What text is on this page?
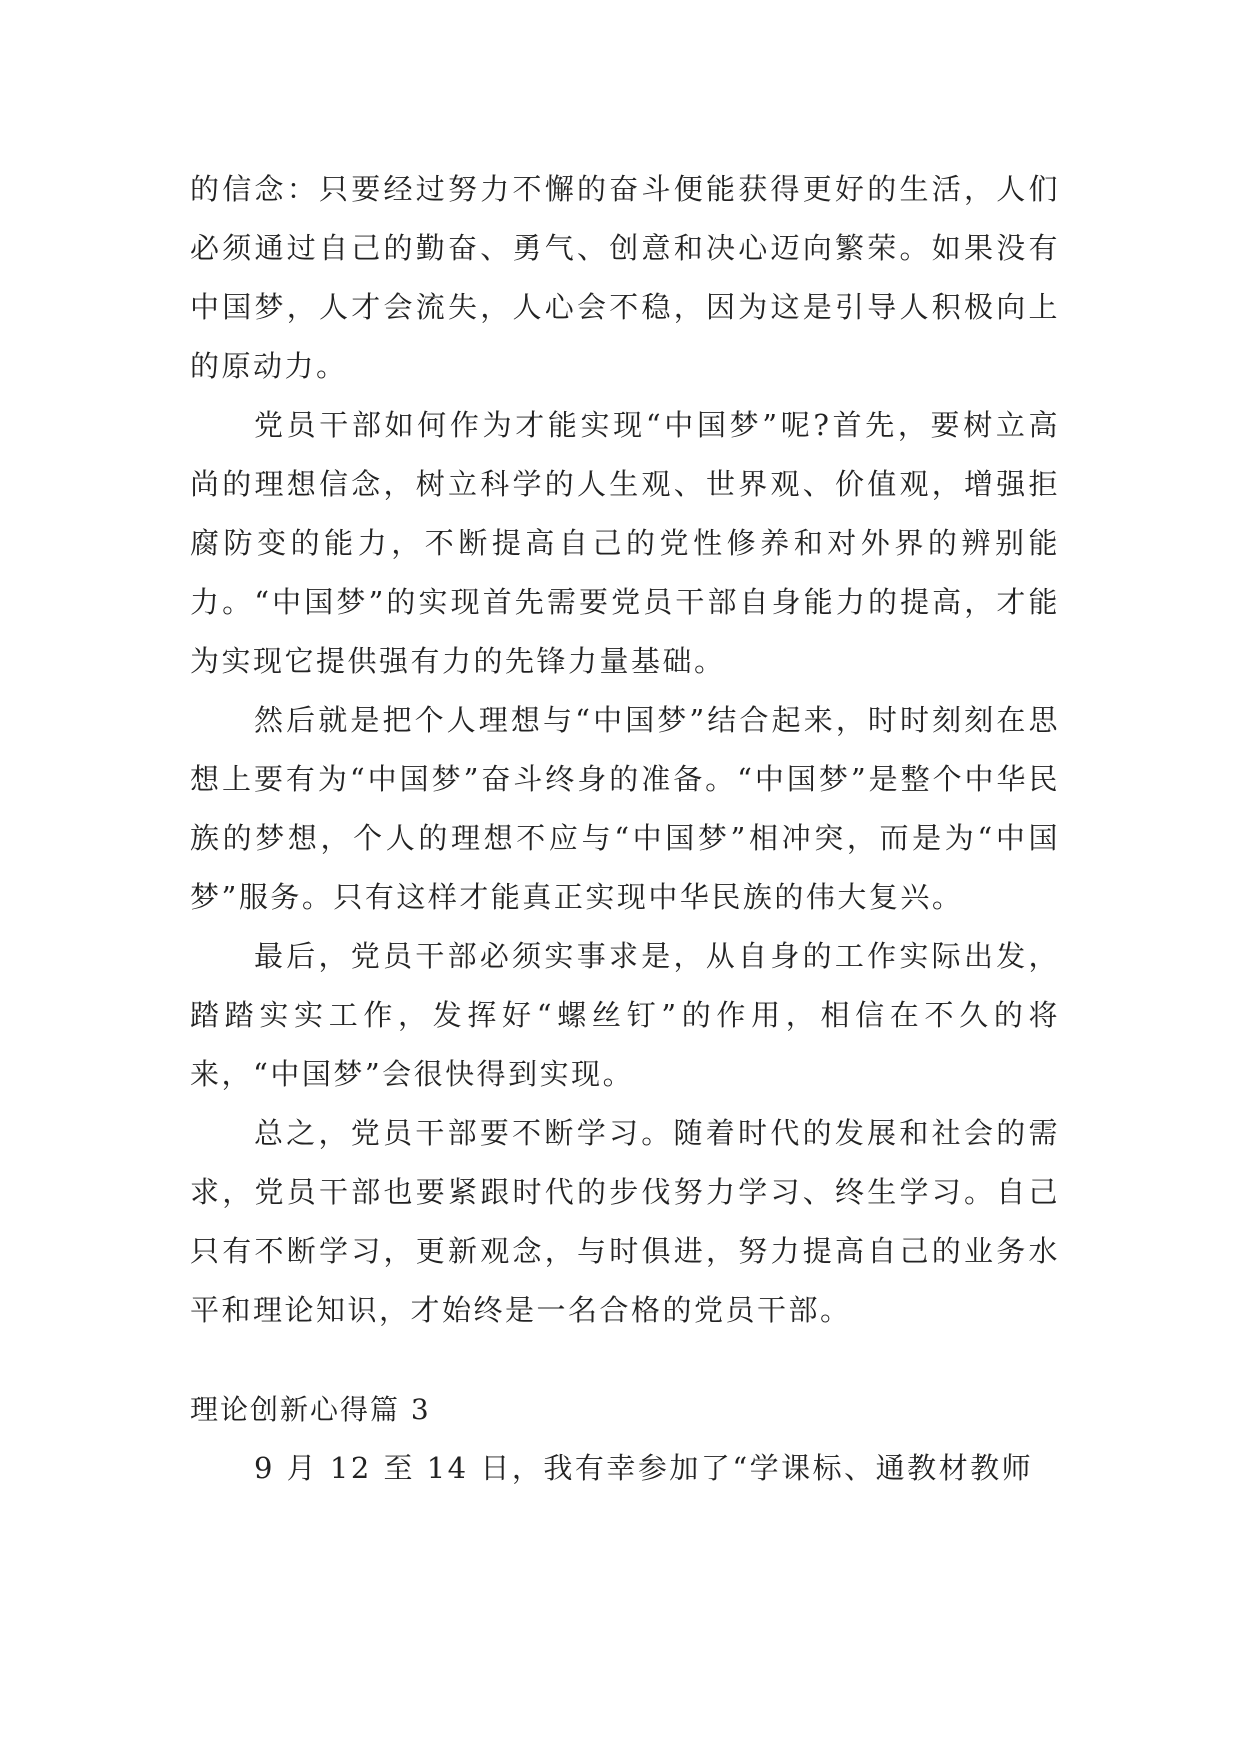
的信念：只要经过努力不懈的奋斗便能获得更好的生活，人们必须通过自己的勤奋、勇气、创意和决心迈向繁荣。如果没有中国梦，人才会流失，人心会不稳，因为这是引导人积极向上的原动力。

党员干部如何作为才能实现“中国梦”呢?首先，要树立高尚的理想信念，树立科学的人生观、世界观、价值观，增强拒腐防变的能力，不断提高自己的党性修养和对外界的辨别能力。“中国梦”的实现首先需要党员干部自身能力的提高，才能为实现它提供强有力的先锋力量基础。

然后就是把个人理想与“中国梦”结合起来，时时刻刻在思想上要有为“中国梦”奋斗终身的准备。“中国梦”是整个中华民族的梦想，个人的理想不应与“中国梦”相冲突，而是为“中国梦”服务。只有这样才能真正实现中华民族的伟大复兴。

最后，党员干部必须实事求是，从自身的工作实际出发，踏踏实实工作，发挥好“螺丝钉”的作用，相信在不久的将来，“中国梦”会很快得到实现。

总之，党员干部要不断学习。随着时代的发展和社会的需求，党员干部也要紧跟时代的步伐努力学习、终生学习。自己只有不断学习，更新观念，与时俱进，努力提高自己的业务水平和理论知识，才始终是一名合格的党员干部。

理论创新心得篇 3

9 月 12 至 14 日，我有幸参加了“学课标、通教材教师
